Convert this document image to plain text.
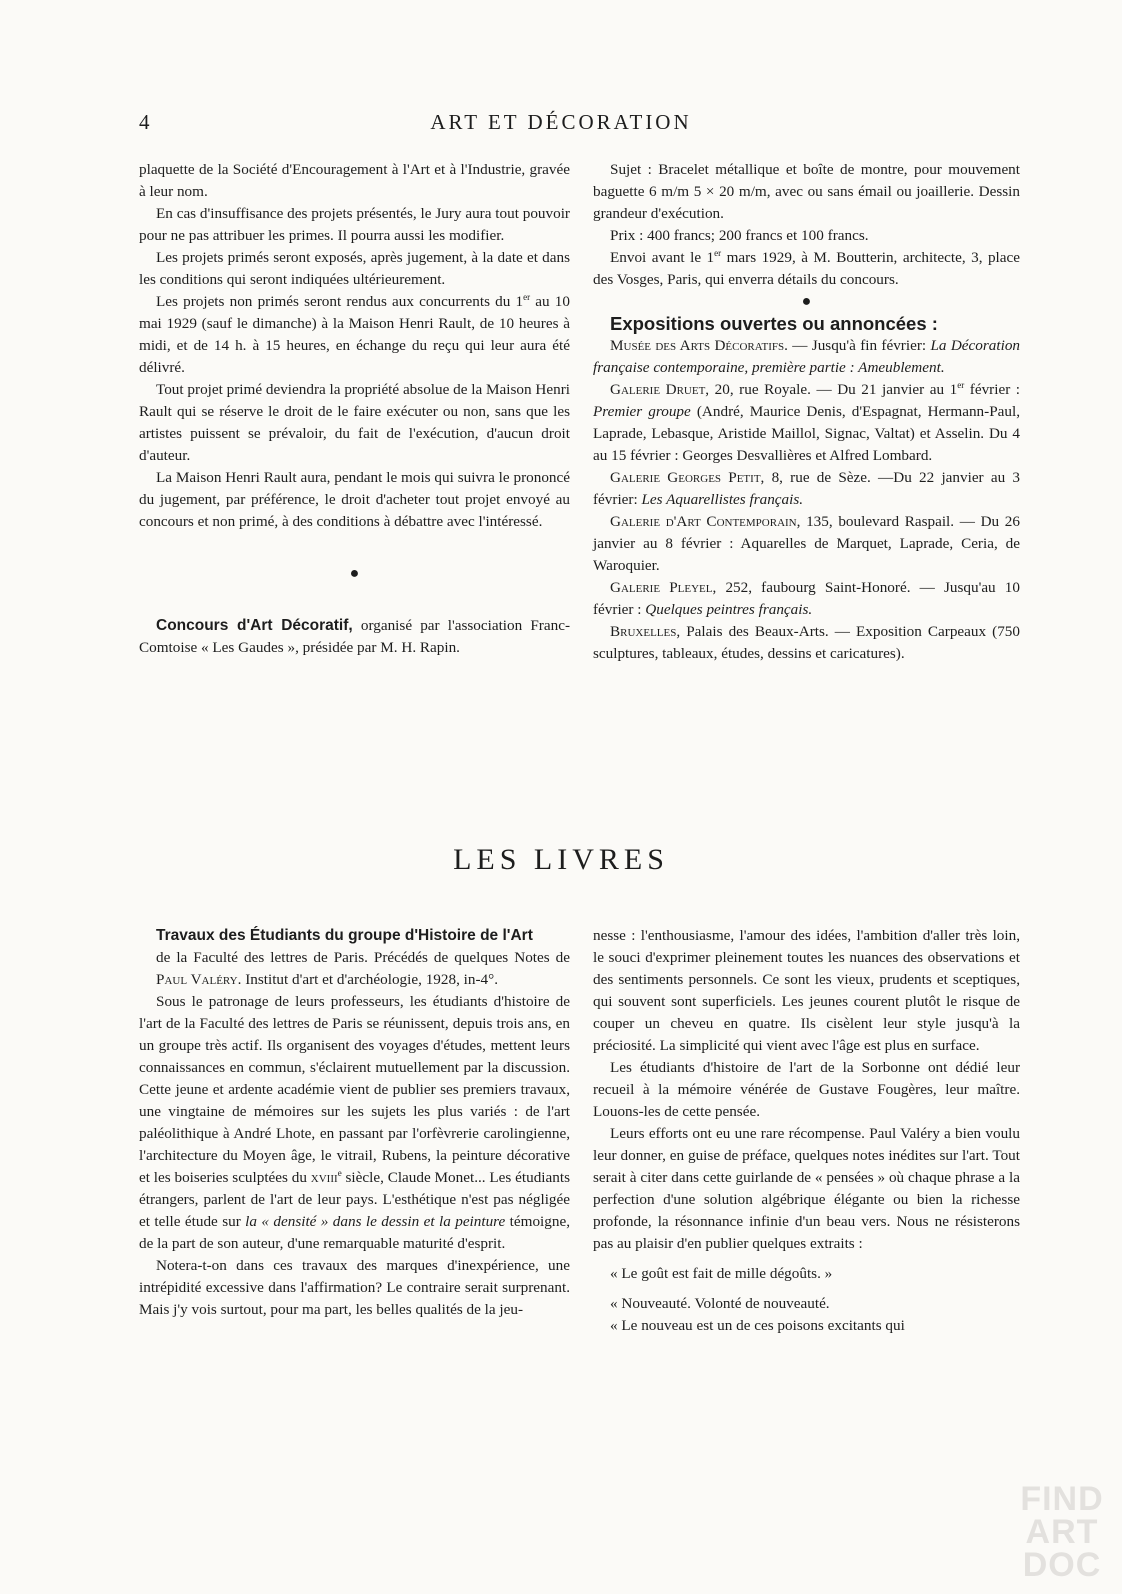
4	ART ET DÉCORATION

plaquette de la Société d'Encouragement à l'Art et à l'Industrie, gravée à leur nom.

En cas d'insuffisance des projets présentés, le Jury aura tout pouvoir pour ne pas attribuer les primes. Il pourra aussi les modifier.

Les projets primés seront exposés, après jugement, à la date et dans les conditions qui seront indiquées ultérieurement.

Les projets non primés seront rendus aux concurrents du 1er au 10 mai 1929 (sauf le dimanche) à la Maison Henri Rault, de 10 heures à midi, et de 14 h. à 15 heures, en échange du reçu qui leur aura été délivré.

Tout projet primé deviendra la propriété absolue de la Maison Henri Rault qui se réserve le droit de le faire exécuter ou non, sans que les artistes puissent se prévaloir, du fait de l'exécution, d'aucun droit d'auteur.

La Maison Henri Rault aura, pendant le mois qui suivra le prononcé du jugement, par préférence, le droit d'acheter tout projet envoyé au concours et non primé, à des conditions à débattre avec l'intéressé.

●

Concours d'Art Décoratif, organisé par l'association Franc-Comtoise « Les Gaudes », présidée par M. H. Rapin.

Sujet : Bracelet métallique et boîte de montre, pour mouvement baguette 6 m/m 5 × 20 m/m, avec ou sans émail ou joaillerie. Dessin grandeur d'exécution.

Prix : 400 francs; 200 francs et 100 francs.

Envoi avant le 1er mars 1929, à M. Boutterin, architecte, 3, place des Vosges, Paris, qui enverra détails du concours.

●

Expositions ouvertes ou annoncées :

Musée des Arts Décoratifs. — Jusqu'à fin février: La Décoration française contemporaine, première partie : Ameublement.

Galerie Druet, 20, rue Royale. — Du 21 janvier au 1er février : Premier groupe (André, Maurice Denis, d'Espagnat, Hermann-Paul, Laprade, Lebasque, Aristide Maillol, Signac, Valtat) et Asselin. Du 4 au 15 février : Georges Desvallières et Alfred Lombard.

Galerie Georges Petit, 8, rue de Sèze. —Du 22 janvier au 3 février: Les Aquarellistes français.

Galerie d'Art Contemporain, 135, boulevard Raspail. — Du 26 janvier au 8 février : Aquarelles de Marquet, Laprade, Ceria, de Waroquier.

Galerie Pleyel, 252, faubourg Saint-Honoré. — Jusqu'au 10 février : Quelques peintres français.

Bruxelles, Palais des Beaux-Arts. — Exposition Carpeaux (750 sculptures, tableaux, études, dessins et caricatures).

LES LIVRES

Travaux des Étudiants du groupe d'Histoire de l'Art

de la Faculté des lettres de Paris. Précédés de quelques Notes de Paul Valéry. Institut d'art et d'archéologie, 1928, in-4°.

Sous le patronage de leurs professeurs, les étudiants d'histoire de l'art de la Faculté des lettres de Paris se réunissent, depuis trois ans, en un groupe très actif. Ils organisent des voyages d'études, mettent leurs connaissances en commun, s'éclairent mutuellement par la discussion. Cette jeune et ardente académie vient de publier ses premiers travaux, une vingtaine de mémoires sur les sujets les plus variés : de l'art paléolithique à André Lhote, en passant par l'orfèvrerie carolingienne, l'architecture du Moyen âge, le vitrail, Rubens, la peinture décorative et les boiseries sculptées du xviii$^e$ siècle, Claude Monet... Les étudiants étrangers, parlent de l'art de leur pays. L'esthétique n'est pas négligée et telle étude sur la « densité » dans le dessin et la peinture témoigne, de la part de son auteur, d'une remarquable maturité d'esprit.

Notera-t-on dans ces travaux des marques d'inexpérience, une intrépidité excessive dans l'affirmation? Le contraire serait surprenant. Mais j'y vois surtout, pour ma part, les belles qualités de la jeu-

nesse : l'enthousiasme, l'amour des idées, l'ambition d'aller très loin, le souci d'exprimer pleinement toutes les nuances des observations et des sentiments personnels. Ce sont les vieux, prudents et sceptiques, qui souvent sont superficiels. Les jeunes courent plutôt le risque de couper un cheveu en quatre. Ils cisèlent leur style jusqu'à la préciosité. La simplicité qui vient avec l'âge est plus en surface.

Les étudiants d'histoire de l'art de la Sorbonne ont dédié leur recueil à la mémoire vénérée de Gustave Fougères, leur maître. Louons-les de cette pensée.

Leurs efforts ont eu une rare récompense. Paul Valéry a bien voulu leur donner, en guise de préface, quelques notes inédites sur l'art. Tout serait à citer dans cette guirlande de « pensées » où chaque phrase a la perfection d'une solution algébrique élégante ou bien la richesse profonde, la résonnance infinie d'un beau vers. Nous ne résisterons pas au plaisir d'en publier quelques extraits :

« Le goût est fait de mille dégoûts. »

« Nouveauté. Volonté de nouveauté.

« Le nouveau est un de ces poisons excitants qui

FIND
ART
DOC
